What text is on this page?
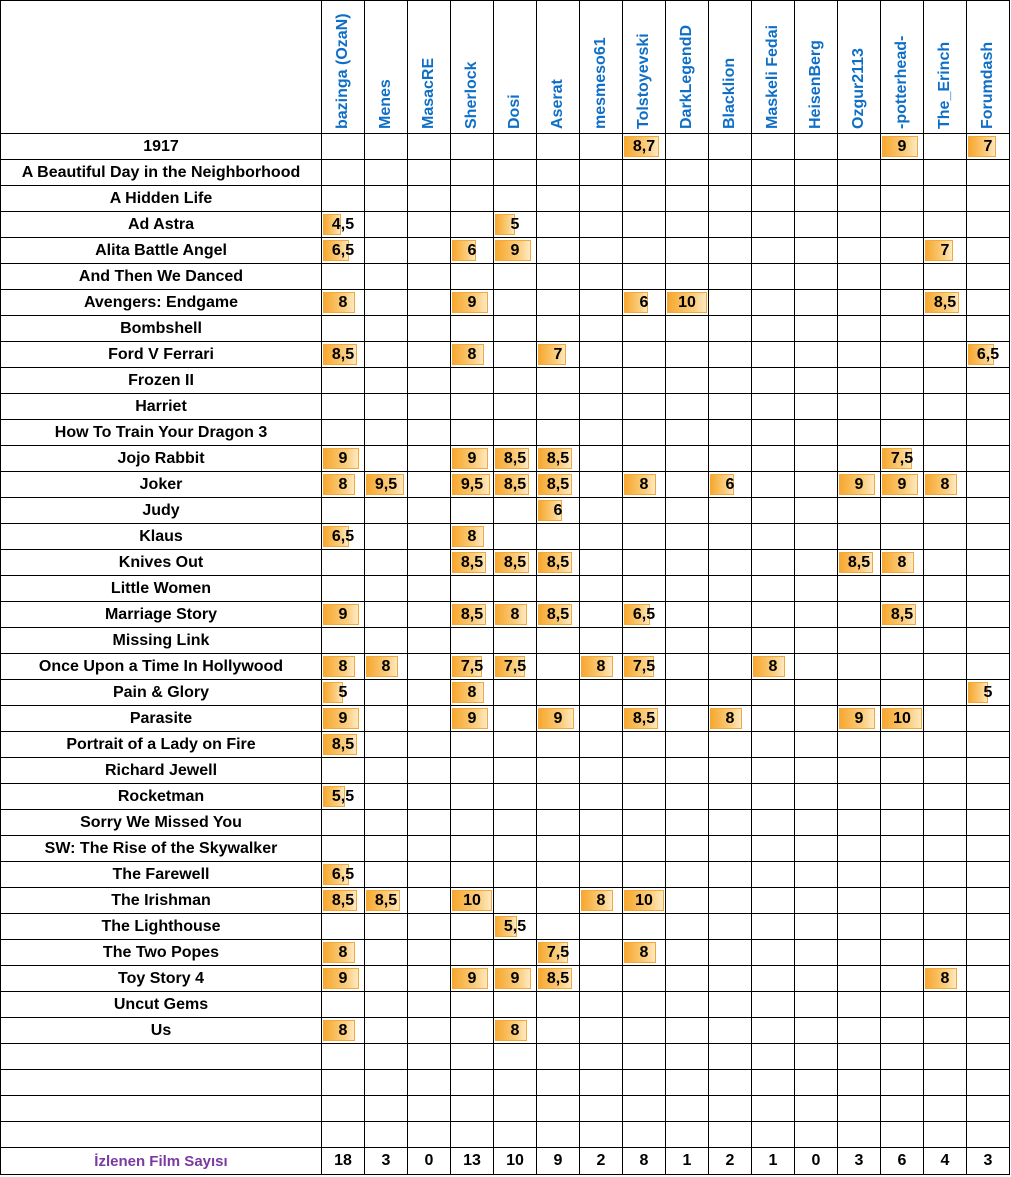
	bazinga (OzaN)	Menes	MasacRE	Sherlock	Dosi	Aserat	mesmeso61	Tolstoyevski	DarkLegendD	Blacklion	Maskeli Fedai	HeisenBerg	Ozgur2113	-potterhead-	The_Erinch	Forumdash

1917								8,7						9		7
A Beautiful Day in the Neighborhood																
A Hidden Life																
Ad Astra	4,5				5											
Alita Battle Angel	6,5			6	9										7	
And Then We Danced																
Avengers: Endgame	8			9				6	10						8,5	
Bombshell																
Ford V Ferrari	8,5			8		7										6,5
Frozen II																
Harriet																
How To Train Your Dragon 3																
Jojo Rabbit	9			9	8,5	8,5								7,5		
Joker	8	9,5		9,5	8,5	8,5		8		6			9	9	8	
Judy						6										
Klaus	6,5			8												
Knives Out				8,5	8,5	8,5							8,5	8		
Little Women																
Marriage Story	9			8,5	8	8,5		6,5						8,5		
Missing Link																
Once Upon a Time In Hollywood	8	8		7,5	7,5		8	7,5			8					
Pain & Glory	5			8												5
Parasite	9			9		9		8,5		8			9	10		
Portrait of a Lady on Fire	8,5															
Richard Jewell																
Rocketman	5,5															
Sorry We Missed You																
SW: The Rise of the Skywalker																
The Farewell	6,5															
The Irishman	8,5	8,5		10			8	10								
The Lighthouse					5,5											
The Two Popes	8					7,5		8								
Toy Story 4	9			9	9	8,5									8	
Uncut Gems																
Us	8				8											

İzlenen Film Sayısı	18	3	0	13	10	9	2	8	1	2	1	0	3	6	4	3
